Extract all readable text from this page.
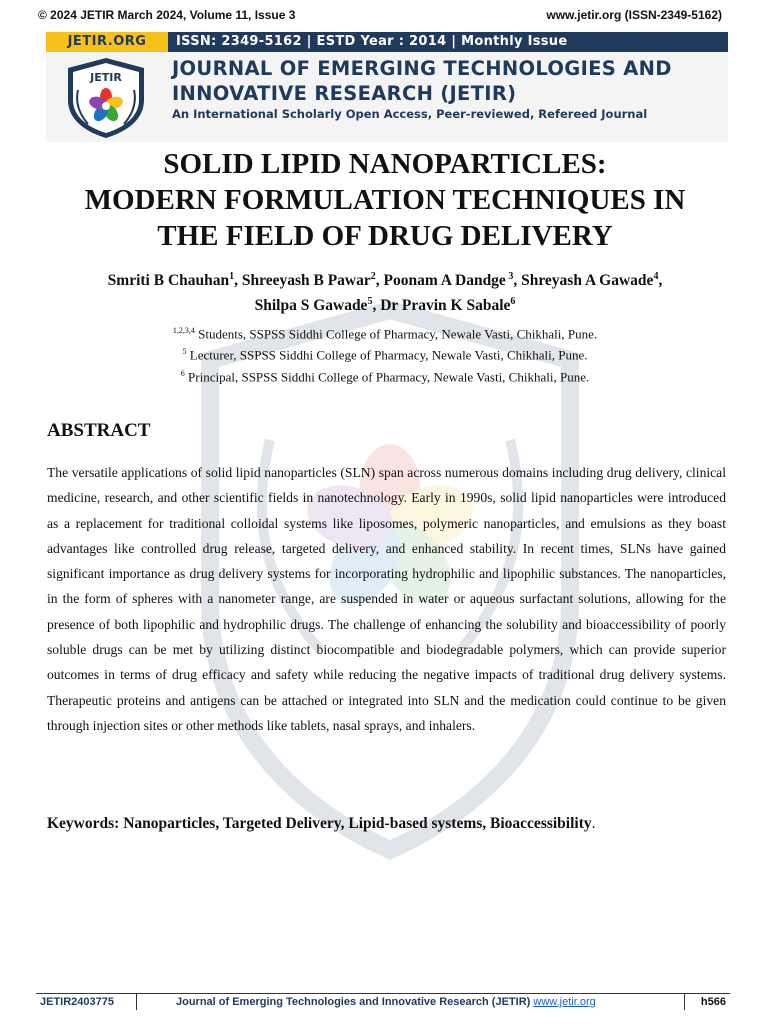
© 2024 JETIR March 2024, Volume 11, Issue 3	www.jetir.org (ISSN-2349-5162)
JETIR.ORG	ISSN: 2349-5162 | ESTD Year : 2014 | Monthly Issue
JETIR	JOURNAL OF EMERGING TECHNOLOGIES AND
INNOVATIVE RESEARCH (JETIR)
An International Scholarly Open Access, Peer-reviewed, Refereed Journal
SOLID LIPID NANOPARTICLES:
MODERN FORMULATION TECHNIQUES IN
THE FIELD OF DRUG DELIVERY
Smriti B Chauhan$^1$, Shreeyash B Pawar$^2$, Poonam A Dandge $^3$, Shreyash A Gawade$^4$,
Shilpa S Gawade$^5$, Dr Pravin K Sabale$^6$
$^{1,2,3,4}$ Students, SSPSS Siddhi College of Pharmacy, Newale Vasti, Chikhali, Pune.
$^5$ Lecturer, SSPSS Siddhi College of Pharmacy, Newale Vasti, Chikhali, Pune.
$^6$ Principal, SSPSS Siddhi College of Pharmacy, Newale Vasti, Chikhali, Pune.
ABSTRACT
The versatile applications of solid lipid nanoparticles (SLN) span across numerous domains including drug delivery, clinical medicine, research, and other scientific fields in nanotechnology. Early in 1990s, solid lipid nanoparticles were introduced as a replacement for traditional colloidal systems like liposomes, polymeric nanoparticles, and emulsions as they boast advantages like controlled drug release, targeted delivery, and enhanced stability. In recent times, SLNs have gained significant importance as drug delivery systems for incorporating hydrophilic and lipophilic substances. The nanoparticles, in the form of spheres with a nanometer range, are suspended in water or aqueous surfactant solutions, allowing for the presence of both lipophilic and hydrophilic drugs. The challenge of enhancing the solubility and bioaccessibility of poorly soluble drugs can be met by utilizing distinct biocompatible and biodegradable polymers, which can provide superior outcomes in terms of drug efficacy and safety while reducing the negative impacts of traditional drug delivery systems. Therapeutic proteins and antigens can be attached or integrated into SLN and the medication could continue to be given through injection sites or other methods like tablets, nasal sprays, and inhalers.
Keywords: Nanoparticles, Targeted Delivery, Lipid-based systems, Bioaccessibility.
JETIR2403775	Journal of Emerging Technologies and Innovative Research (JETIR) www.jetir.org	h566
